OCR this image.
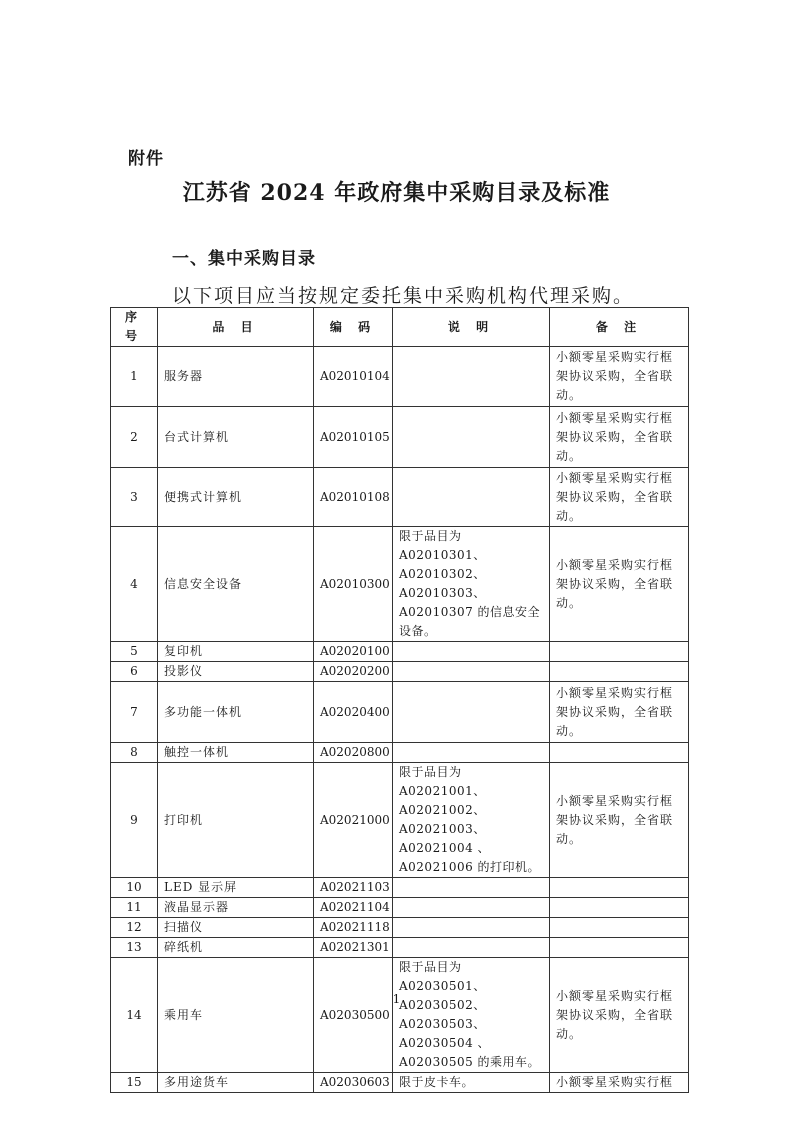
附件
江苏省 2024 年政府集中采购目录及标准
一、集中采购目录
以下项目应当按规定委托集中采购机构代理采购。
序号	品 目	编 码	说 明	备 注
1	服务器	A02010104		小额零星采购实行框架协议采购，全省联动。
2	台式计算机	A02010105		小额零星采购实行框架协议采购，全省联动。
3	便携式计算机	A02010108		小额零星采购实行框架协议采购，全省联动。
4	信息安全设备	A02010300	限于品目为 A02010301、A02010302、A02010303、A02010307 的信息安全设备。	小额零星采购实行框架协议采购，全省联动。
5	复印机	A02020100		
6	投影仪	A02020200		
7	多功能一体机	A02020400		小额零星采购实行框架协议采购，全省联动。
8	触控一体机	A02020800		
9	打印机	A02021000	限于品目为 A02021001、A02021002、A02021003、A02021004 、A02021006 的打印机。	小额零星采购实行框架协议采购，全省联动。
10	LED 显示屏	A02021103		
11	液晶显示器	A02021104		
12	扫描仪	A02021118		
13	碎纸机	A02021301		
14	乘用车	A02030500	限于品目为 A02030501、A02030502、A02030503、A02030504 、A02030505 的乘用车。	小额零星采购实行框架协议采购，全省联动。
15	多用途货车	A02030603	限于皮卡车。	小额零星采购实行框
1
